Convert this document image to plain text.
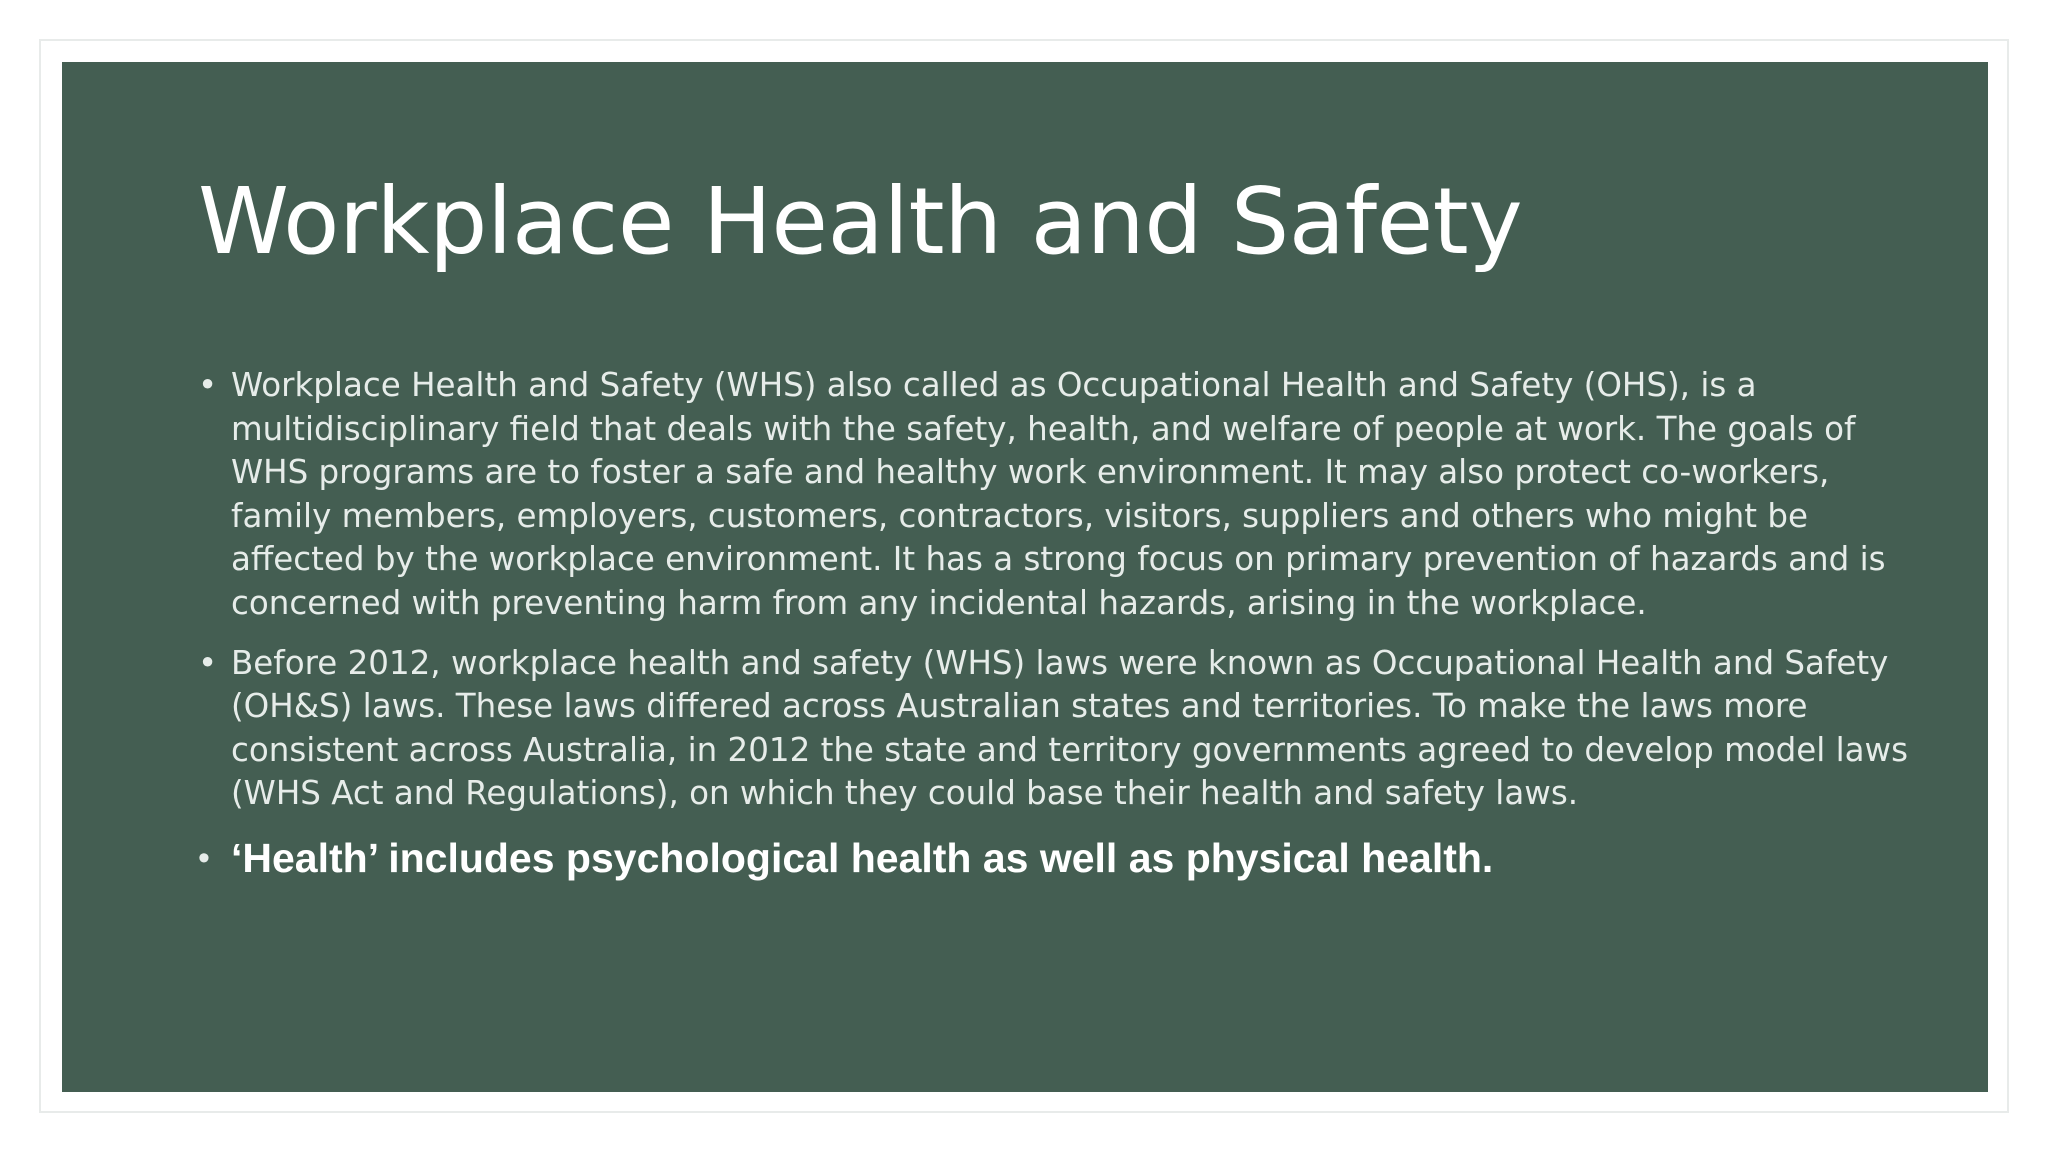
Workplace Health and Safety
• Workplace Health and Safety (WHS) also called as Occupational Health and Safety (OHS), is a multidisciplinary field that deals with the safety, health, and welfare of people at work. The goals of WHS programs are to foster a safe and healthy work environment. It may also protect co-workers, family members, employers, customers, contractors, visitors, suppliers and others who might be affected by the workplace environment. It has a strong focus on primary prevention of hazards and is concerned with preventing harm from any incidental hazards, arising in the workplace.
• Before 2012, workplace health and safety (WHS) laws were known as Occupational Health and Safety (OH&S) laws. These laws differed across Australian states and territories. To make the laws more consistent across Australia, in 2012 the state and territory governments agreed to develop model laws (WHS Act and Regulations), on which they could base their health and safety laws.
• ‘Health’ includes psychological health as well as physical health.
